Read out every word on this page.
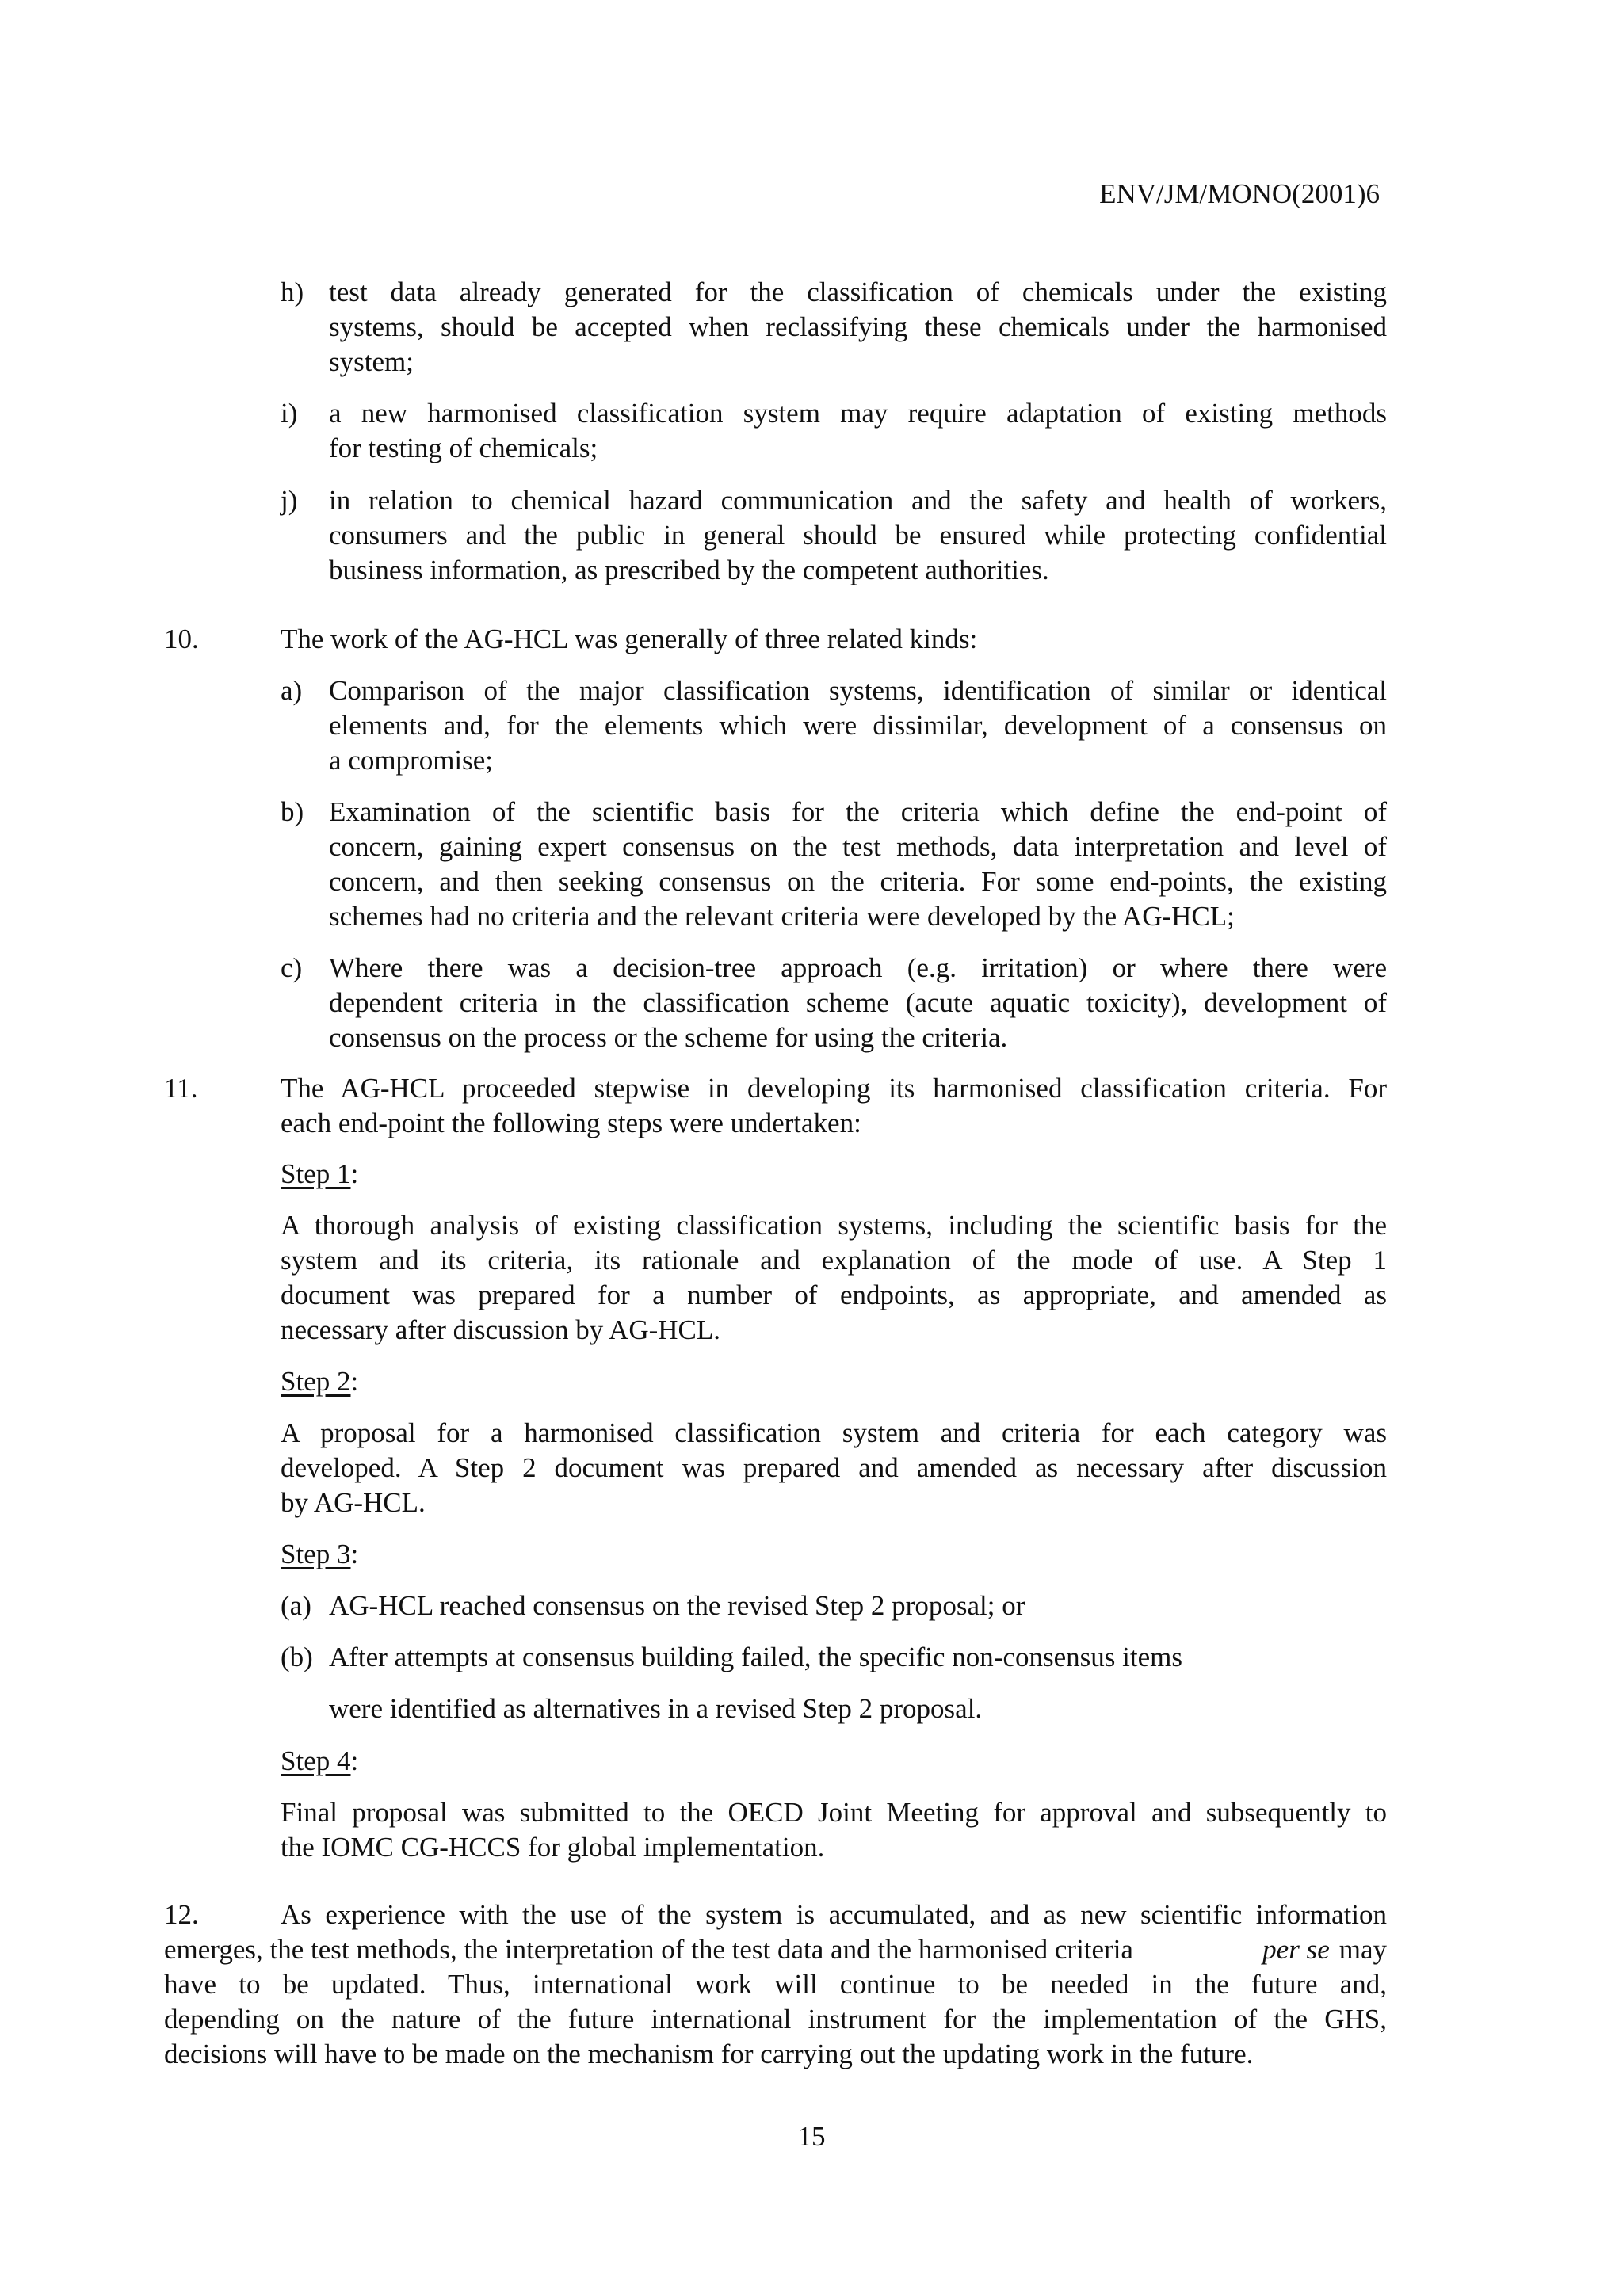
ENV/JM/MONO(2001)6
h) test data already generated for the classification of chemicals under the existing
systems, should be accepted when reclassifying these chemicals under the harmonised
system;
i) a new harmonised classification system may require adaptation of existing methods
for testing of chemicals;
j) in relation to chemical hazard communication and the safety and health of workers,
consumers and the public in general should be ensured while protecting confidential
business information, as prescribed by the competent authorities.
10.	The work of the AG-HCL was generally of three related kinds:
a) Comparison of the major classification systems, identification of similar or identical
elements and, for the elements which were dissimilar, development of a consensus on
a compromise;
b) Examination of the scientific basis for the criteria which define the end-point of
concern, gaining expert consensus on the test methods, data interpretation and level of
concern, and then seeking consensus on the criteria. For some end-points, the existing
schemes had no criteria and the relevant criteria were developed by the AG-HCL;
c) Where there was a decision-tree approach (e.g. irritation) or where there were
dependent criteria in the classification scheme (acute aquatic toxicity), development of
consensus on the process or the scheme for using the criteria.
11.	The AG-HCL proceeded stepwise in developing its harmonised classification criteria. For
each end-point the following steps were undertaken:
Step 1:
A thorough analysis of existing classification systems, including the scientific basis for the
system and its criteria, its rationale and explanation of the mode of use. A Step 1
document was prepared for a number of endpoints, as appropriate, and amended as
necessary after discussion by AG-HCL.
Step 2:
A proposal for a harmonised classification system and criteria for each category was
developed. A Step 2 document was prepared and amended as necessary after discussion
by AG-HCL.
Step 3:
(a) AG-HCL reached consensus on the revised Step 2 proposal; or
(b) After attempts at consensus building failed, the specific non-consensus items
were identified as alternatives in a revised Step 2 proposal.
Step 4:
Final proposal was submitted to the OECD Joint Meeting for approval and subsequently to
the IOMC CG-HCCS for global implementation.
12.	As experience with the use of the system is accumulated, and as new scientific information
emerges, the test methods, the interpretation of the test data and the harmonised criteria	per se may
have to be updated. Thus, international work will continue to be needed in the future and,
depending on the nature of the future international instrument for the implementation of the GHS,
decisions will have to be made on the mechanism for carrying out the updating work in the future.
15
